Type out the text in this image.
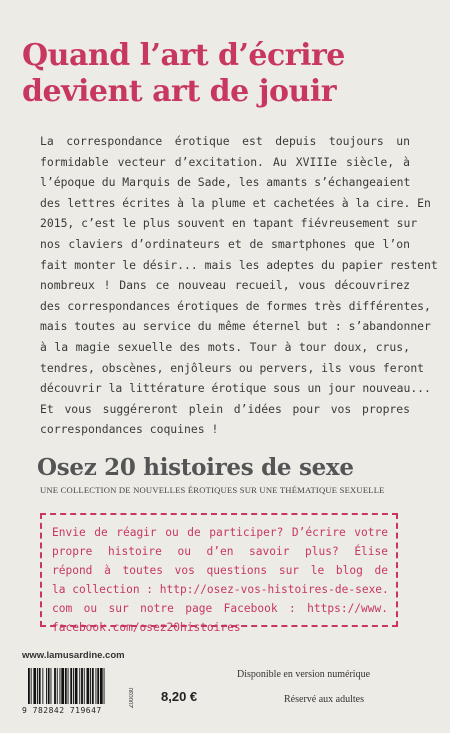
Quand l’art d’écrire
devient art de jouir
La correspondance érotique est depuis toujours un
formidable vecteur d’excitation. Au XVIIIe siècle, à
l’époque du Marquis de Sade, les amants s’échangeaient
des lettres écrites à la plume et cachetées à la cire. En
2015, c’est le plus souvent en tapant fiévreusement sur
nos claviers d’ordinateurs et de smartphones que l’on
fait monter le désir... mais les adeptes du papier restent
nombreux ! Dans ce nouveau recueil, vous découvrirez
des correspondances érotiques de formes très différentes,
mais toutes au service du même éternel but : s’abandonner
à la magie sexuelle des mots. Tour à tour doux, crus,
tendres, obscènes, enjôleurs ou pervers, ils vous feront
découvrir la littérature érotique sous un jour nouveau...
Et vous suggéreront plein d’idées pour vos propres
correspondances coquines !
Osez 20 histoires de sexe

UNE COLLECTION DE NOUVELLES ÉROTIQUES SUR UNE THÉMATIQUE SEXUELLE

Envie de réagir ou de participer? D’écrire votre
propre histoire ou d’en savoir plus? Élise
répond à toutes vos questions sur le blog de
la collection : http://osez-vos-histoires-de-sexe.
com ou sur notre page Facebook : https://www.
facebook.com/osez20histoires

www.lamusardine.com
9 782842 719647
Z00030 8,20 €
Disponible en version numérique
Réservé aux adultes
